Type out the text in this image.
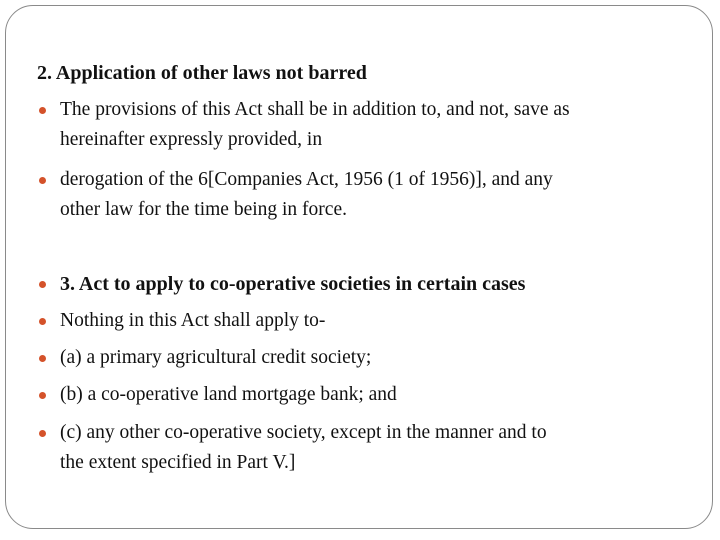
2. Application of other laws not barred
The provisions of this Act shall be in addition to, and not, save as
hereinafter expressly provided, in
derogation of the 6[Companies Act, 1956 (1 of 1956)], and any
other law for the time being in force.
3. Act to apply to co-operative societies in certain cases
Nothing in this Act shall apply to-
(a) a primary agricultural credit society;
(b) a co-operative land mortgage bank; and
(c) any other co-operative society, except in the manner and to
the extent specified in Part V.]
